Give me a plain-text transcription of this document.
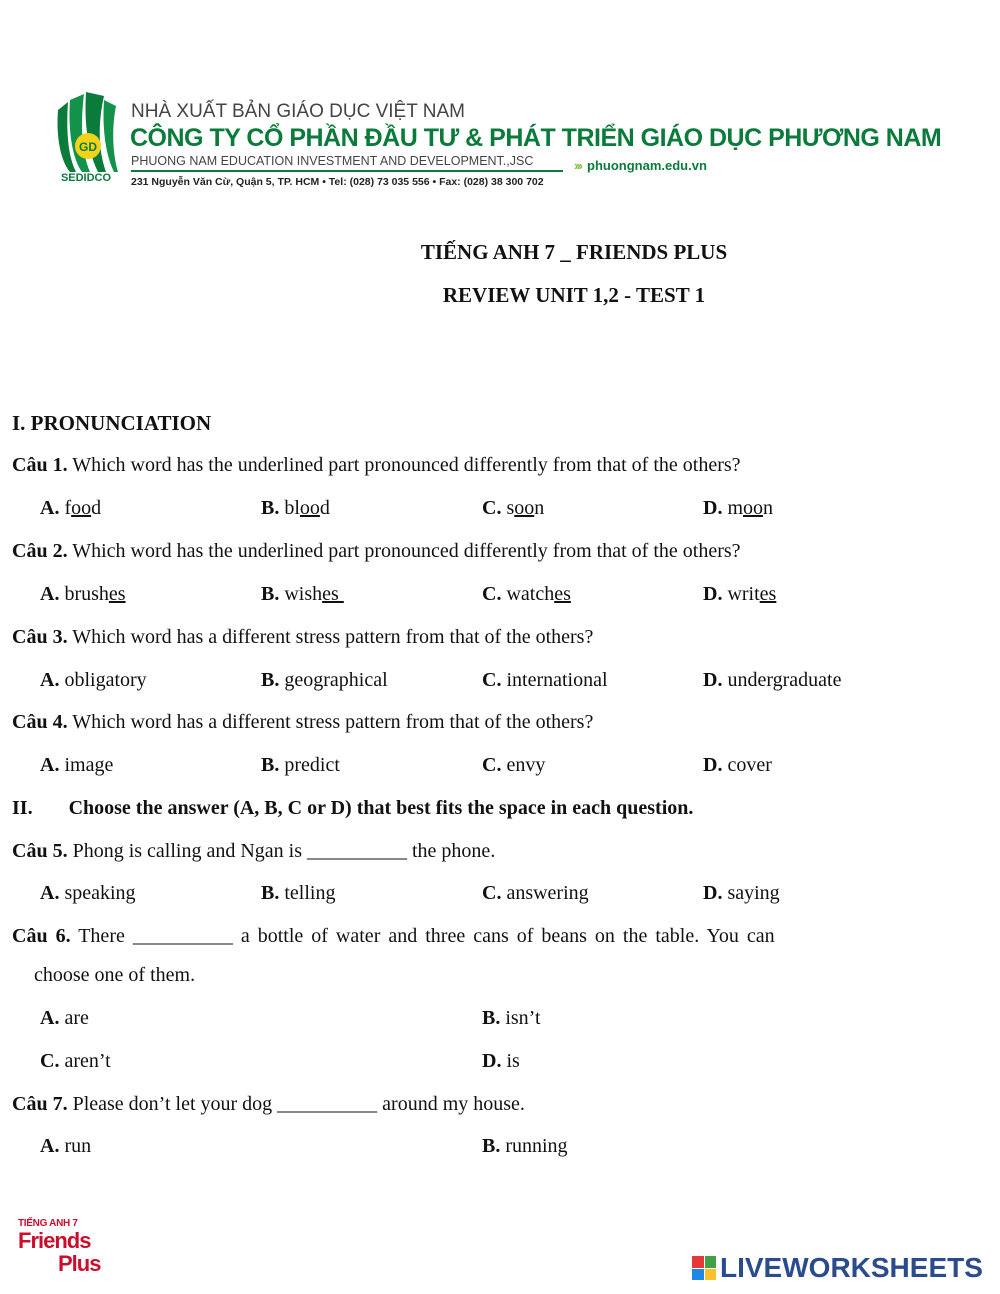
GD
SEDIDCO
NHÀ XUẤT BẢN GIÁO DỤC VIỆT NAM
CÔNG TY CỔ PHẦN ĐẦU TƯ & PHÁT TRIỂN GIÁO DỤC PHƯƠNG NAM
PHUONG NAM EDUCATION INVESTMENT AND DEVELOPMENT.,JSC	››› phuongnam.edu.vn
231 Nguyễn Văn Cừ, Quận 5, TP. HCM • Tel: (028) 73 035 556 • Fax: (028) 38 300 702
TIẾNG ANH 7 _ FRIENDS PLUS
REVIEW UNIT 1,2 - TEST 1
I. PRONUNCIATION
Câu 1. Which word has the underlined part pronounced differently from that of the others?
A. food	B. blood	C. soon	D. moon
Câu 2. Which word has the underlined part pronounced differently from that of the others?
A. brushes	B. wishes	C. watches	D. writes
Câu 3. Which word has a different stress pattern from that of the others?
A. obligatory	B. geographical	C. international	D. undergraduate
Câu 4. Which word has a different stress pattern from that of the others?
A. image	B. predict	C. envy	D. cover
II. Choose the answer (A, B, C or D) that best fits the space in each question.
Câu 5. Phong is calling and Ngan is __________ the phone.
A. speaking	B. telling	C. answering	D. saying
Câu 6. There __________ a bottle of water and three cans of beans on the table. You can
choose one of them.
A. are	B. isn’t
C. aren’t	D. is
Câu 7. Please don’t let your dog __________ around my house.
A. run	B. running
TIẾNG ANH 7
Friends
Plus	LIVEWORKSHEETS
